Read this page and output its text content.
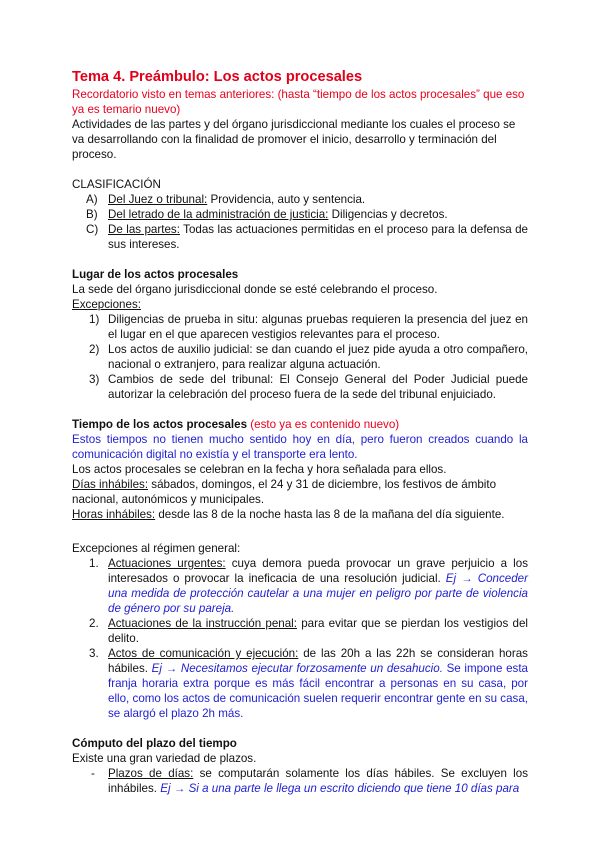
Tema 4. Preámbulo: Los actos procesales

Recordatorio visto en temas anteriores: (hasta “tiempo de los actos procesales” que eso ya es temario nuevo)

Actividades de las partes y del órgano jurisdiccional mediante los cuales el proceso se va desarrollando con la finalidad de promover el inicio, desarrollo y terminación del proceso.

CLASIFICACIÓN

A) Del Juez o tribunal: Providencia, auto y sentencia.
B) Del letrado de la administración de justicia: Diligencias y decretos.
C) De las partes: Todas las actuaciones permitidas en el proceso para la defensa de sus intereses.

Lugar de los actos procesales

La sede del órgano jurisdiccional donde se esté celebrando el proceso.

Excepciones:

1) Diligencias de prueba in situ: algunas pruebas requieren la presencia del juez en el lugar en el que aparecen vestigios relevantes para el proceso.
2) Los actos de auxilio judicial: se dan cuando el juez pide ayuda a otro compañero, nacional o extranjero, para realizar alguna actuación.
3) Cambios de sede del tribunal: El Consejo General del Poder Judicial puede autorizar la celebración del proceso fuera de la sede del tribunal enjuiciado.

Tiempo de los actos procesales (esto ya es contenido nuevo)

Estos tiempos no tienen mucho sentido hoy en día, pero fueron creados cuando la comunicación digital no existía y el transporte era lento.

Los actos procesales se celebran en la fecha y hora señalada para ellos.

Días inhábiles: sábados, domingos, el 24 y 31 de diciembre, los festivos de ámbito nacional, autonómicos y municipales.

Horas inhábiles: desde las 8 de la noche hasta las 8 de la mañana del día siguiente.

Excepciones al régimen general:

1. Actuaciones urgentes: cuya demora pueda provocar un grave perjuicio a los interesados o provocar la ineficacia de una resolución judicial. Ej → Conceder una medida de protección cautelar a una mujer en peligro por parte de violencia de género por su pareja.
2. Actuaciones de la instrucción penal: para evitar que se pierdan los vestigios del delito.
3. Actos de comunicación y ejecución: de las 20h a las 22h se consideran horas hábiles. Ej → Necesitamos ejecutar forzosamente un desahucio. Se impone esta franja horaria extra porque es más fácil encontrar a personas en su casa, por ello, como los actos de comunicación suelen requerir encontrar gente en su casa, se alargó el plazo 2h más.

Cómputo del plazo del tiempo

Existe una gran variedad de plazos.

- Plazos de días: se computarán solamente los días hábiles. Se excluyen los inhábiles. Ej → Si a una parte le llega un escrito diciendo que tiene 10 días para
